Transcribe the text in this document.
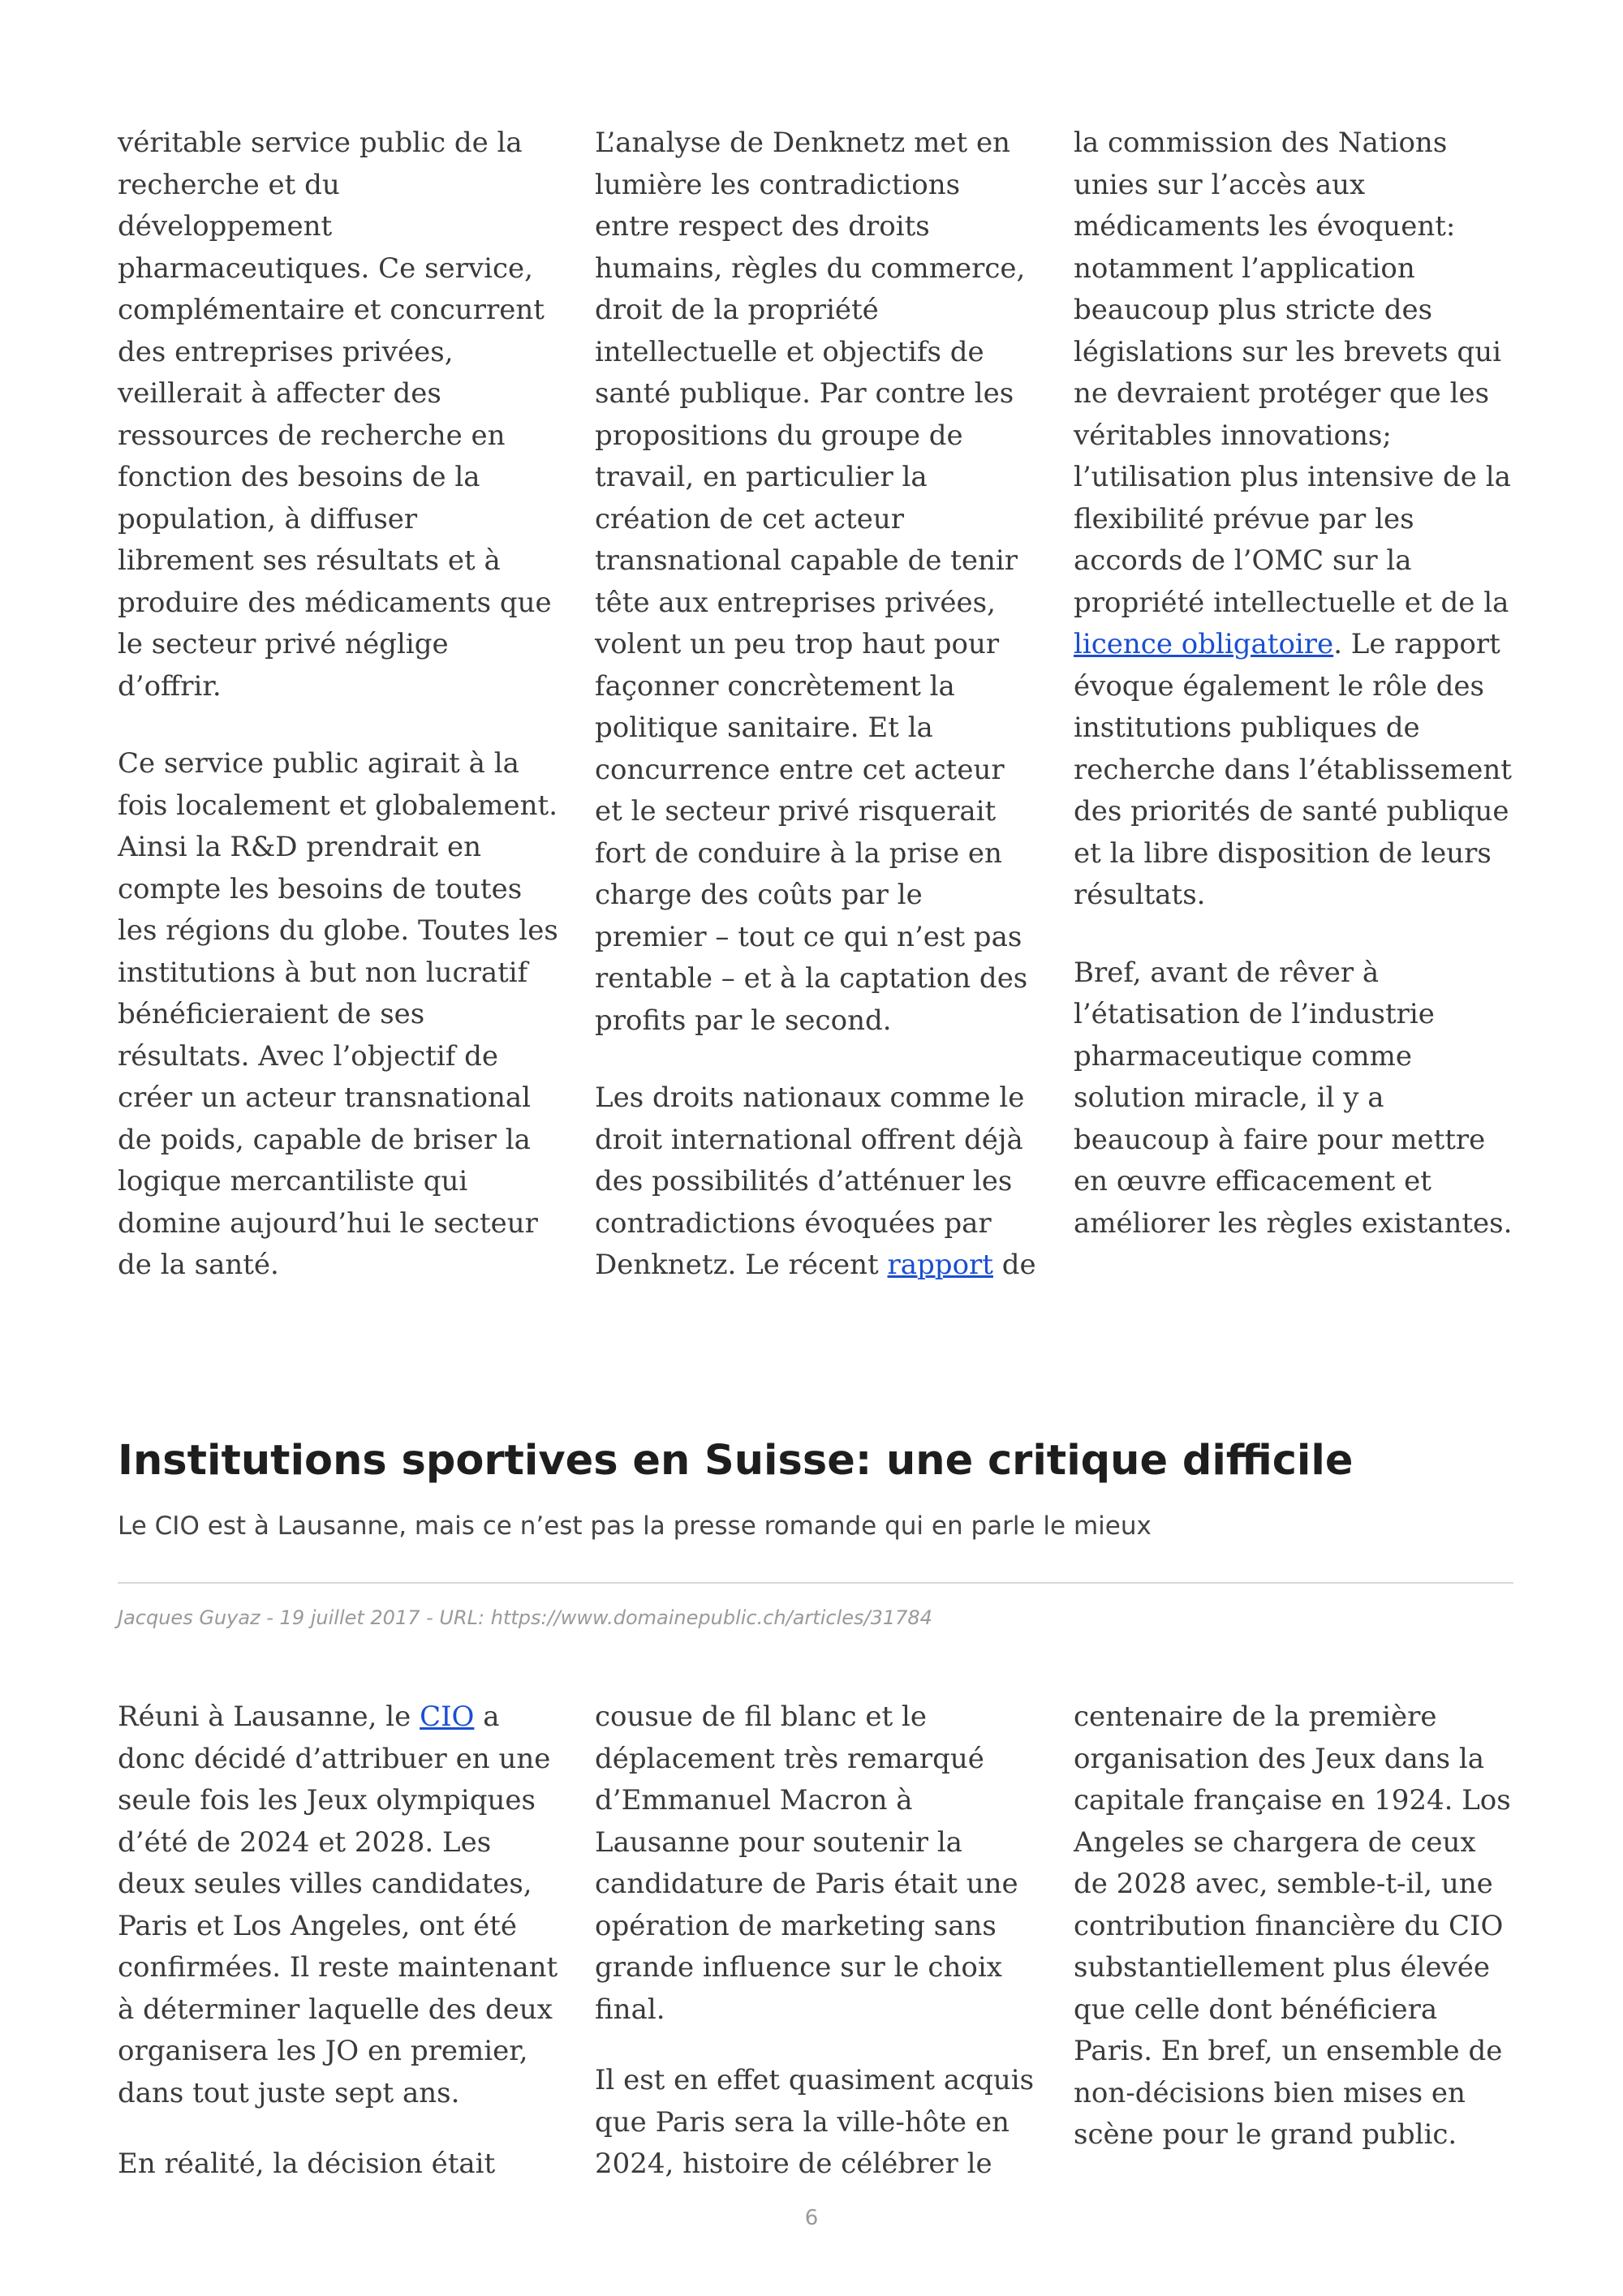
véritable service public de la recherche et du développement pharmaceutiques. Ce service, complémentaire et concurrent des entreprises privées, veillerait à affecter des ressources de recherche en fonction des besoins de la population, à diffuser librement ses résultats et à produire des médicaments que le secteur privé néglige d’offrir.

Ce service public agirait à la fois localement et globalement. Ainsi la R&D prendrait en compte les besoins de toutes les régions du globe. Toutes les institutions à but non lucratif bénéficieraient de ses résultats. Avec l’objectif de créer un acteur transnational de poids, capable de briser la logique mercantiliste qui domine aujourd’hui le secteur de la santé.

L’analyse de Denknetz met en lumière les contradictions entre respect des droits humains, règles du commerce, droit de la propriété intellectuelle et objectifs de santé publique. Par contre les propositions du groupe de travail, en particulier la création de cet acteur transnational capable de tenir tête aux entreprises privées, volent un peu trop haut pour façonner concrètement la politique sanitaire. Et la concurrence entre cet acteur et le secteur privé risquerait fort de conduire à la prise en charge des coûts par le premier – tout ce qui n’est pas rentable – et à la captation des profits par le second.

Les droits nationaux comme le droit international offrent déjà des possibilités d’atténuer les contradictions évoquées par Denknetz. Le récent rapport de

la commission des Nations unies sur l’accès aux médicaments les évoquent: notamment l’application beaucoup plus stricte des législations sur les brevets qui ne devraient protéger que les véritables innovations; l’utilisation plus intensive de la flexibilité prévue par les accords de l’OMC sur la propriété intellectuelle et de la licence obligatoire. Le rapport évoque également le rôle des institutions publiques de recherche dans l’établissement des priorités de santé publique et la libre disposition de leurs résultats.

Bref, avant de rêver à l’étatisation de l’industrie pharmaceutique comme solution miracle, il y a beaucoup à faire pour mettre en œuvre efficacement et améliorer les règles existantes.

Institutions sportives en Suisse: une critique difficile
Le CIO est à Lausanne, mais ce n’est pas la presse romande qui en parle le mieux
Jacques Guyaz - 19 juillet 2017 - URL: https://www.domainepublic.ch/articles/31784

Réuni à Lausanne, le CIO a donc décidé d’attribuer en une seule fois les Jeux olympiques d’été de 2024 et 2028. Les deux seules villes candidates, Paris et Los Angeles, ont été confirmées. Il reste maintenant à déterminer laquelle des deux organisera les JO en premier, dans tout juste sept ans.

En réalité, la décision était

cousue de fil blanc et le déplacement très remarqué d’Emmanuel Macron à Lausanne pour soutenir la candidature de Paris était une opération de marketing sans grande influence sur le choix final.

Il est en effet quasiment acquis que Paris sera la ville-hôte en 2024, histoire de célébrer le

centenaire de la première organisation des Jeux dans la capitale française en 1924. Los Angeles se chargera de ceux de 2028 avec, semble-t-il, une contribution financière du CIO substantiellement plus élevée que celle dont bénéficiera Paris. En bref, un ensemble de non-décisions bien mises en scène pour le grand public.

6
